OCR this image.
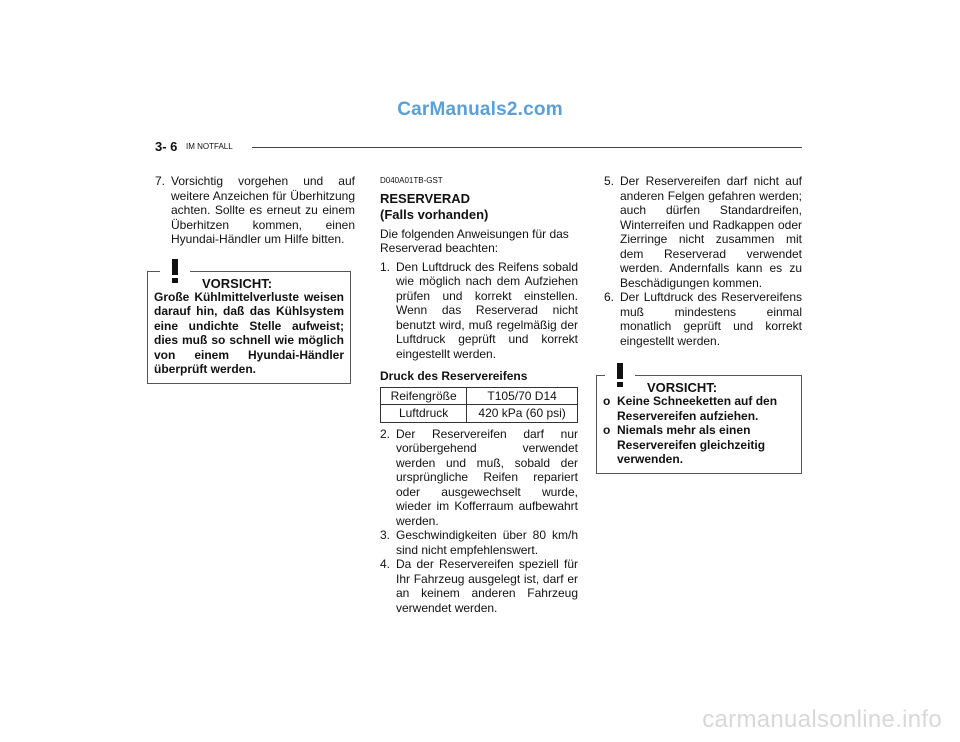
CarManuals2.com
3- 6 IM NOTFALL
7. Vorsichtig vorgehen und auf weitere Anzeichen für Überhitzung achten. Sollte es erneut zu einem Überhitzen kommen, einen Hyundai-Händler um Hilfe bitten.
VORSICHT:
Große Kühlmittelverluste weisen darauf hin, daß das Kühlsystem eine undichte Stelle aufweist; dies muß so schnell wie möglich von einem Hyundai-Händler überprüft werden.
D040A01TB-GST
RESERVERAD
(Falls vorhanden)
Die folgenden Anweisungen für das Reserverad beachten:
1. Den Luftdruck des Reifens sobald wie möglich nach dem Aufziehen prüfen und korrekt einstellen. Wenn das Reserverad nicht benutzt wird, muß regelmäßig der Luftdruck geprüft und korrekt eingestellt werden.
Druck des Reservereifens
Reifengröße	T105/70 D14
Luftdruck	420 kPa (60 psi)
2. Der Reservereifen darf nur vorübergehend verwendet werden und muß, sobald der ursprüngliche Reifen repariert oder ausgewechselt wurde, wieder im Kofferraum aufbewahrt werden.
3. Geschwindigkeiten über 80 km/h sind nicht empfehlenswert.
4. Da der Reservereifen speziell für Ihr Fahrzeug ausgelegt ist, darf er an keinem anderen Fahrzeug verwendet werden.
5. Der Reservereifen darf nicht auf anderen Felgen gefahren werden; auch dürfen Standardreifen, Winterreifen und Radkappen oder Zierringe nicht zusammen mit dem Reserverad verwendet werden. Andernfalls kann es zu Beschädigungen kommen.
6. Der Luftdruck des Reservereifens muß mindestens einmal monatlich geprüft und korrekt eingestellt werden.
VORSICHT:
o Keine Schneeketten auf den Reservereifen aufziehen.
o Niemals mehr als einen Reservereifen gleichzeitig verwenden.
carmanualsonline.info
